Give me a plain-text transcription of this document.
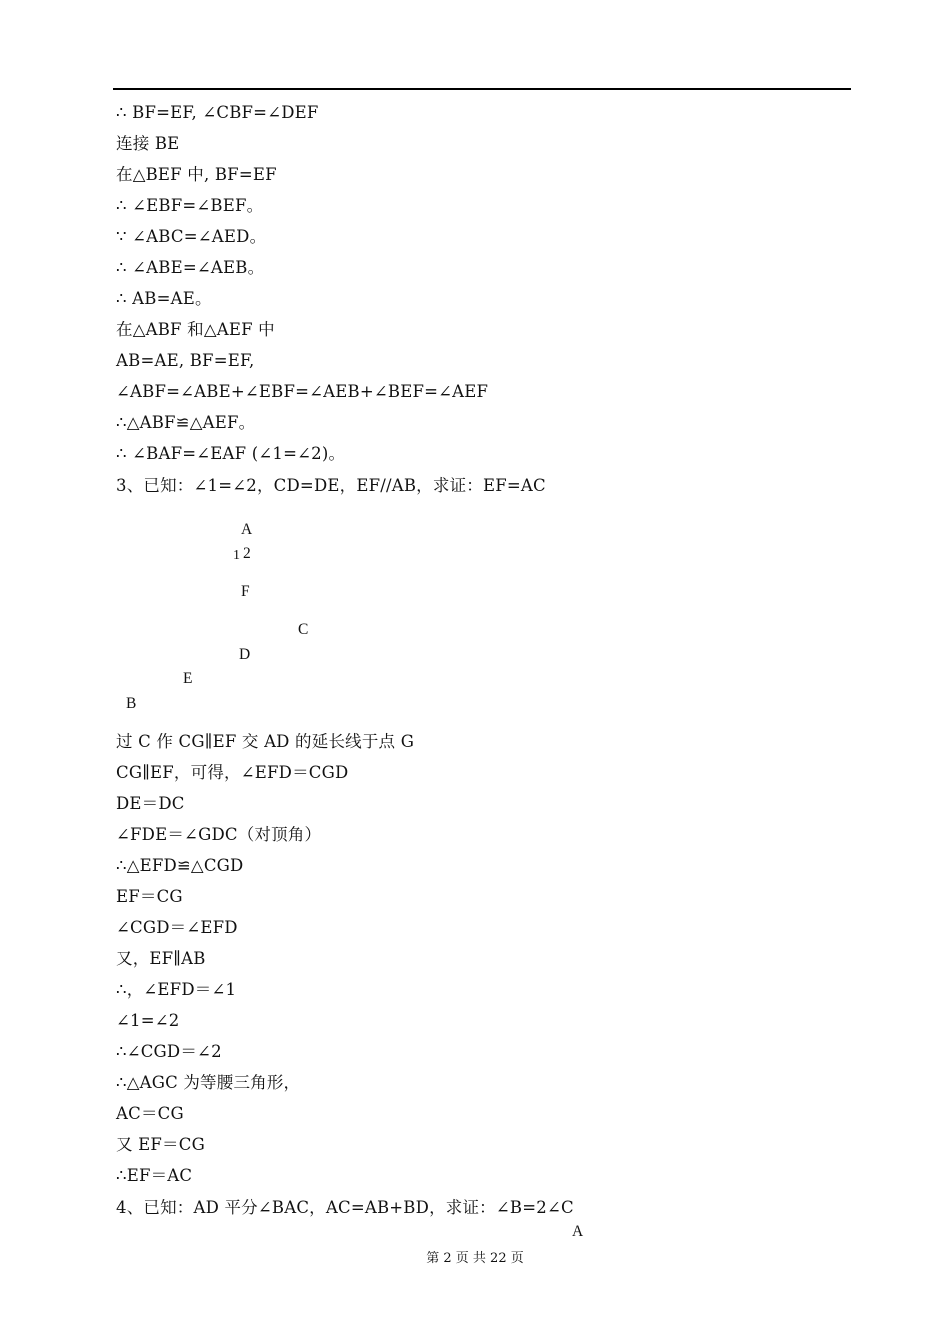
∴ BF=EF, ∠CBF=∠DEF
连接 BE
在△BEF 中, BF=EF
∴ ∠EBF=∠BEF。
∵ ∠ABC=∠AED。
∴ ∠ABE=∠AEB。
∴ AB=AE。
在△ABF 和△AEF 中
AB=AE, BF=EF,
∠ABF=∠ABE+∠EBF=∠AEB+∠BEF=∠AEF
∴△ABF≌△AEF。
∴ ∠BAF=∠EAF (∠1=∠2)。
3、已知：∠1=∠2，CD=DE，EF//AB，求证：EF=AC
A
1 2
F
C
D
E
B
过 C 作 CG∥EF 交 AD 的延长线于点 G
CG∥EF，可得，∠EFD＝CGD
DE＝DC
∠FDE＝∠GDC（对顶角）
∴△EFD≌△CGD
EF＝CG
∠CGD＝∠EFD
又，EF∥AB
∴，∠EFD＝∠1
∠1=∠2
∴∠CGD＝∠2
∴△AGC 为等腰三角形，
AC＝CG
又 EF＝CG
∴EF＝AC
4、已知：AD 平分∠BAC，AC=AB+BD，求证：∠B=2∠C
A
第 2 页 共 22 页
